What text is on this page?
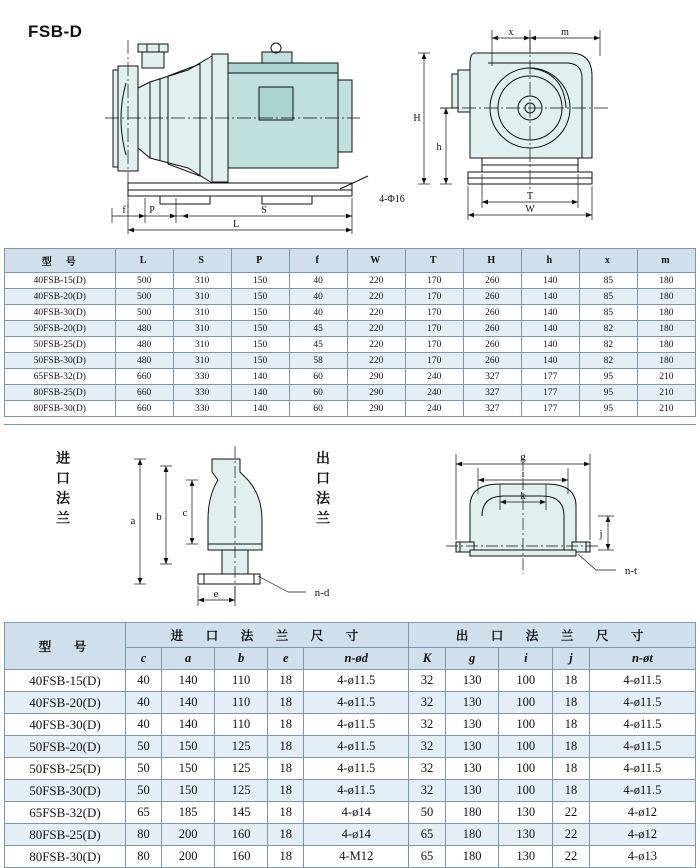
FSB-D
f P	S
L
4-Φ16
x	m
H
h
T
W
型　号	L	S	P	f	W	T	H	h	x	m
40FSB-15(D)	500	310	150	40	220	170	260	140	85	180
40FSB-20(D)	500	310	150	40	220	170	260	140	85	180
40FSB-30(D)	500	310	150	40	220	170	260	140	85	180
50FSB-20(D)	480	310	150	45	220	170	260	140	82	180
50FSB-25(D)	480	310	150	45	220	170	260	140	82	180
50FSB-30(D)	480	310	150	58	220	170	260	140	82	180
65FSB-32(D)	660	330	140	60	290	240	327	177	95	210
80FSB-25(D)	660	330	140	60	290	240	327	177	95	210
80FSB-30(D)	660	330	140	60	290	240	327	177	95	210
进
口
法
兰
出
口
法
兰
a b c
e	n-d
g
i
k
j
n-t
型　号	进　口　法　兰　尺　寸					出　口　法　兰　尺　寸				
	c	a	b	e	n-ød	K	g	i	j	n-øt
40FSB-15(D)	40	140	110	18	4-ø11.5	32	130	100	18	4-ø11.5
40FSB-20(D)	40	140	110	18	4-ø11.5	32	130	100	18	4-ø11.5
40FSB-30(D)	40	140	110	18	4-ø11.5	32	130	100	18	4-ø11.5
50FSB-20(D)	50	150	125	18	4-ø11.5	32	130	100	18	4-ø11.5
50FSB-25(D)	50	150	125	18	4-ø11.5	32	130	100	18	4-ø11.5
50FSB-30(D)	50	150	125	18	4-ø11.5	32	130	100	18	4-ø11.5
65FSB-32(D)	65	185	145	18	4-ø14	50	180	130	22	4-ø12
80FSB-25(D)	80	200	160	18	4-ø14	65	180	130	22	4-ø12
80FSB-30(D)	80	200	160	18	4-M12	65	180	130	22	4-ø13
